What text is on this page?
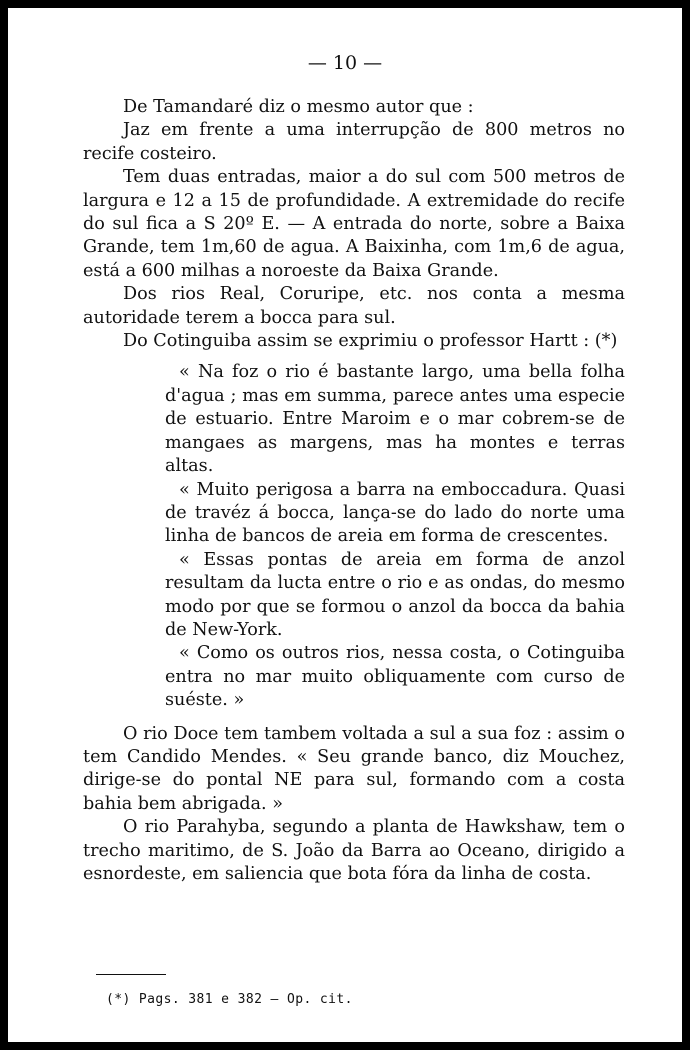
— 10 —

De Tamandaré diz o mesmo autor que :

Jaz em frente a uma interrupção de 800 metros no recife costeiro.

Tem duas entradas, maior a do sul com 500 metros de largura e 12 a 15 de profundidade. A extremidade do recife do sul fica a S 20º E. — A entrada do norte, sobre a Baixa Grande, tem 1m,60 de agua. A Baixinha, com 1m,6 de agua, está a 600 milhas a noroeste da Baixa Grande.

Dos rios Real, Coruripe, etc. nos conta a mesma autoridade terem a bocca para sul.

Do Cotinguiba assim se exprimiu o professor Hartt : (*)

« Na foz o rio é bastante largo, uma bella folha d'agua ; mas em summa, parece antes uma especie de estuario. Entre Maroim e o mar cobrem-se de mangaes as margens, mas ha montes e terras altas.

« Muito perigosa a barra na emboccadura. Quasi de travéz á bocca, lança-se do lado do norte uma linha de bancos de areia em forma de crescentes.

« Essas pontas de areia em forma de anzol resultam da lucta entre o rio e as ondas, do mesmo modo por que se formou o anzol da bocca da bahia de New-York.

« Como os outros rios, nessa costa, o Cotinguiba entra no mar muito obliquamente com curso de suéste. »

O rio Doce tem tambem voltada a sul a sua foz : assim o tem Candido Mendes. « Seu grande banco, diz Mouchez, dirige-se do pontal NE para sul, formando com a costa bahia bem abrigada. »

O rio Parahyba, segundo a planta de Hawkshaw, tem o trecho maritimo, de S. João da Barra ao Oceano, dirigido a esnordeste, em saliencia que bota fóra da linha de costa.

(*) Pags. 381 e 382 — Op. cit.
